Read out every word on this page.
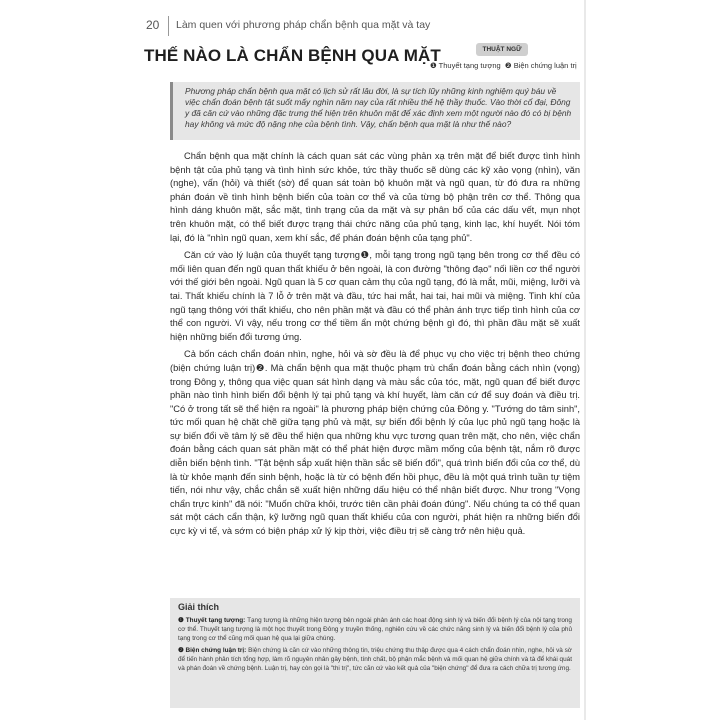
20 Làm quen với phương pháp chẩn bệnh qua mặt và tay
THẾ NÀO LÀ CHẨN BỆNH QUA MẶT	THUẬT NGỮ
❶ Thuyết tạng tượng ❷ Biện chứng luận trị

Phương pháp chẩn bệnh qua mặt có lịch sử rất lâu đời, là sự tích lũy những kinh nghiệm quý báu về việc chẩn đoán bệnh tật suốt mấy nghìn năm nay của rất nhiều thế hệ thầy thuốc. Vào thời cổ đại, Đông y đã căn cứ vào những đặc trưng thể hiện trên khuôn mặt để xác định xem một người nào đó có bị bệnh hay không và mức độ nặng nhẹ của bệnh tình. Vậy, chẩn bệnh qua mặt là như thế nào?

Chẩn bệnh qua mặt chính là cách quan sát các vùng phản xạ trên mặt để biết được tình hình bệnh tật của phủ tạng và tình hình sức khỏe, tức thầy thuốc sẽ dùng các kỹ xảo vọng (nhìn), văn (nghe), vấn (hỏi) và thiết (sờ) để quan sát toàn bộ khuôn mặt và ngũ quan, từ đó đưa ra những phán đoán về tình hình bệnh biến của toàn cơ thể và của từng bộ phận trên cơ thể. Thông qua hình dáng khuôn mặt, sắc mặt, tình trạng của da mặt và sự phân bố của các dấu vết, mụn nhọt trên khuôn mặt, có thể biết được trạng thái chức năng của phủ tạng, kinh lạc, khí huyết. Nói tóm lại, đó là "nhìn ngũ quan, xem khí sắc, để phán đoán bệnh của tạng phủ".

Căn cứ vào lý luận của thuyết tạng tượng❶, mỗi tạng trong ngũ tạng bên trong cơ thể đều có mối liên quan đến ngũ quan thất khiếu ở bên ngoài, là con đường "thông đạo" nối liền cơ thể người với thế giới bên ngoài. Ngũ quan là 5 cơ quan cảm thụ của ngũ tạng, đó là mắt, mũi, miệng, lưỡi và tai. Thất khiếu chính là 7 lỗ ở trên mặt và đầu, tức hai mắt, hai tai, hai mũi và miệng. Tinh khí của ngũ tạng thông với thất khiếu, cho nên phần mặt và đầu có thể phản ánh trực tiếp tình hình của cơ thể con người. Vì vậy, nếu trong cơ thể tiềm ẩn một chứng bệnh gì đó, thì phần đầu mặt sẽ xuất hiện những biến đổi tương ứng.

Cả bốn cách chẩn đoán nhìn, nghe, hỏi và sờ đều là để phục vụ cho việc trị bệnh theo chứng (biện chứng luận trị)❷. Mà chẩn bệnh qua mặt thuộc phạm trù chẩn đoán bằng cách nhìn (vọng) trong Đông y, thông qua việc quan sát hình dạng và màu sắc của tóc, mặt, ngũ quan để biết được phần nào tình hình biến đổi bệnh lý tại phủ tạng và khí huyết, làm căn cứ để suy đoán và điều trị. "Có ở trong tất sẽ thể hiện ra ngoài" là phương pháp biện chứng của Đông y. "Tướng do tâm sinh", tức mối quan hệ chặt chẽ giữa tạng phủ và mặt, sự biến đổi bệnh lý của lục phủ ngũ tạng hoặc là sự biến đổi về tâm lý sẽ đều thể hiện qua những khu vực tương quan trên mặt, cho nên, việc chẩn đoán bằng cách quan sát phần mặt có thể phát hiện được mầm mống của bệnh tật, nắm rõ được diễn biến bệnh tình. "Tật bệnh sắp xuất hiện thần sắc sẽ biến đổi", quá trình biến đổi của cơ thể, dù là từ khỏe mạnh đến sinh bệnh, hoặc là từ có bệnh đến hồi phục, đều là một quá trình tuần tự tiệm tiến, nói như vậy, chắc chắn sẽ xuất hiện những dấu hiệu có thể nhận biết được. Như trong "Vọng chẩn trực kinh" đã nói: "Muốn chữa khỏi, trước tiên cần phải đoán đúng". Nếu chúng ta có thể quan sát một cách cẩn thận, kỹ lưỡng ngũ quan thất khiếu của con người, phát hiện ra những biến đổi cực kỳ vi tế, và sớm có biện pháp xử lý kịp thời, việc điều trị sẽ càng trở nên hiệu quả.

Giải thích
❶ Thuyết tạng tượng: Tạng tượng là những hiện tượng bên ngoài phản ánh các hoạt động sinh lý và biến đổi bệnh lý của nội tạng trong cơ thể. Thuyết tạng tượng là một học thuyết trong Đông y truyền thống, nghiên cứu về các chức năng sinh lý và biến đổi bệnh lý của phủ tạng trong cơ thể cũng mối quan hệ qua lại giữa chúng.
❷ Biện chứng luận trị: Biện chứng là căn cứ vào những thông tin, triệu chứng thu thập được qua 4 cách chẩn đoán nhìn, nghe, hỏi và sờ để tiến hành phân tích tổng hợp, làm rõ nguyên nhân gây bệnh, tính chất, bộ phận mắc bệnh và mối quan hệ giữa chính và tà để khái quát và phán đoán về chứng bệnh. Luận trị, hay còn gọi là "thi trị", tức căn cứ vào kết quả của "biện chứng" để đưa ra cách chữa trị tương ứng.
